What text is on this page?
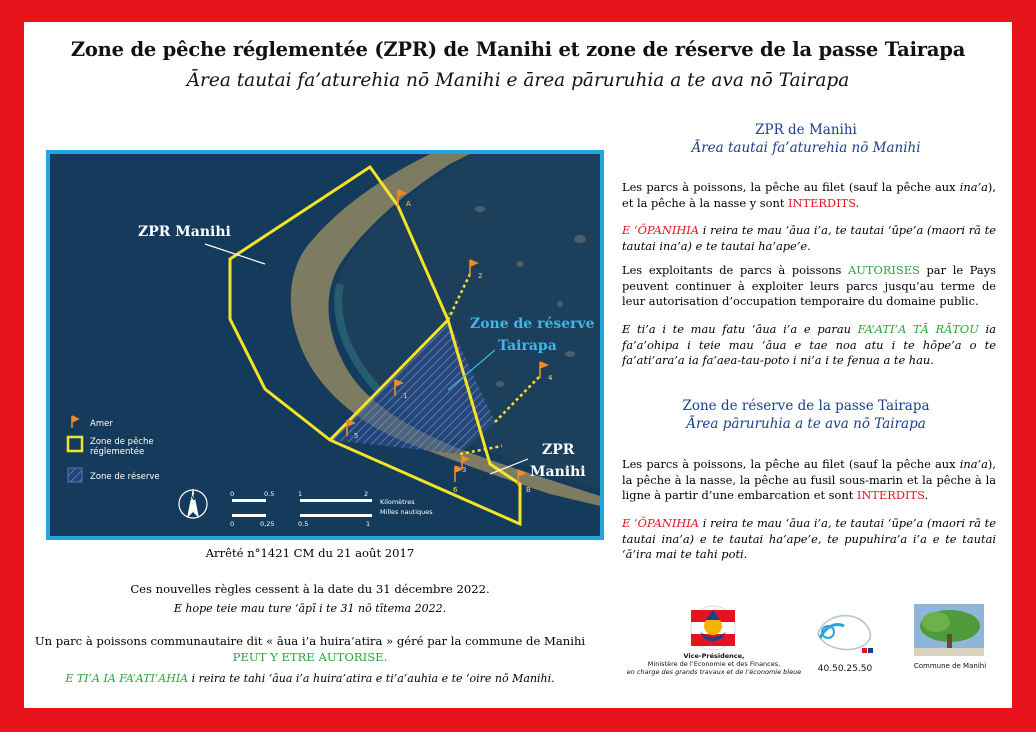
Zone de pêche réglementée (ZPR) de Manihi et zone de réserve de la passe Tairapa
Ārea tautai fa’aturehia nō Manihi e ārea pāruruhia a te ava nō Tairapa
A
2
1
4
5
3
6	B
ZPR Manihi
Zone de réserve
Tairapa
ZPR
Manihi
Amer
Zone de pêche
réglementée
Zone de réserve
N	0	0.5	1	2
Kilomètres
Milles nautiques
0	0,25	0.5	1
Arrêté n°1421 CM du 21 août 2017
Ces nouvelles règles cessent à la date du 31 décembre 2022.
E hope teie mau ture ‘āpī i te 31 nō tītema 2022.
Un parc à poissons communautaire dit « āua i’a huira’atira » géré par la commune de Manihi
PEUT Y ETRE AUTORISE.
E TI’A IA FA’ATI’AHIA i reira te tahi ‘āua i’a huira’atira e ti’a’auhia e te ‘oire nō Manihi.
ZPR de Manihi
Ārea tautai fa’aturehia nō Manihi
Les parcs à poissons, la pêche au filet (sauf la pêche aux ina’a), et la pêche à la nasse y sont INTERDITS.
E ‘ŌPANIHIA i reira te mau ‘āua i’a, te tautai ‘ūpe’a (maori rā te tautai ina’a) e te tautai ha’ape’e.
Les exploitants de parcs à poissons AUTORISES par le Pays peuvent continuer à exploiter leurs parcs jusqu’au terme de leur autorisation d’occupation temporaire du domaine public.
E ti’a i te mau fatu ‘āua i’a e parau FA’ATI’A TĀ RĀTOU ia fa’a’ohipa i teie mau ‘āua e tae noa atu i te hōpe’a o te fa’ati’ara’a ia fa’aea-tau-poto i ni’a i te fenua a te hau.
Zone de réserve de la passe Tairapa
Ārea pāruruhia a te ava nō Tairapa
Les parcs à poissons, la pêche au filet (sauf la pêche aux ina’a), la pêche à la nasse, la pêche au fusil sous-marin et la pêche à la ligne à partir d’une embarcation et sont INTERDITS.
E ‘ŌPANIHIA i reira te mau ‘āua i’a, te tautai ‘ūpe’a (maori rā te tautai ina’a) e te tautai ha’ape’e, te pupuhira’a i’a e te tautai ‘ā’ira mai te tahi poti.
Vice-Présidence,
Ministère de l’Economie et des Finances,
en charge des grands travaux et de l’économie bleue	40.50.25.50	Commune de Manihi
